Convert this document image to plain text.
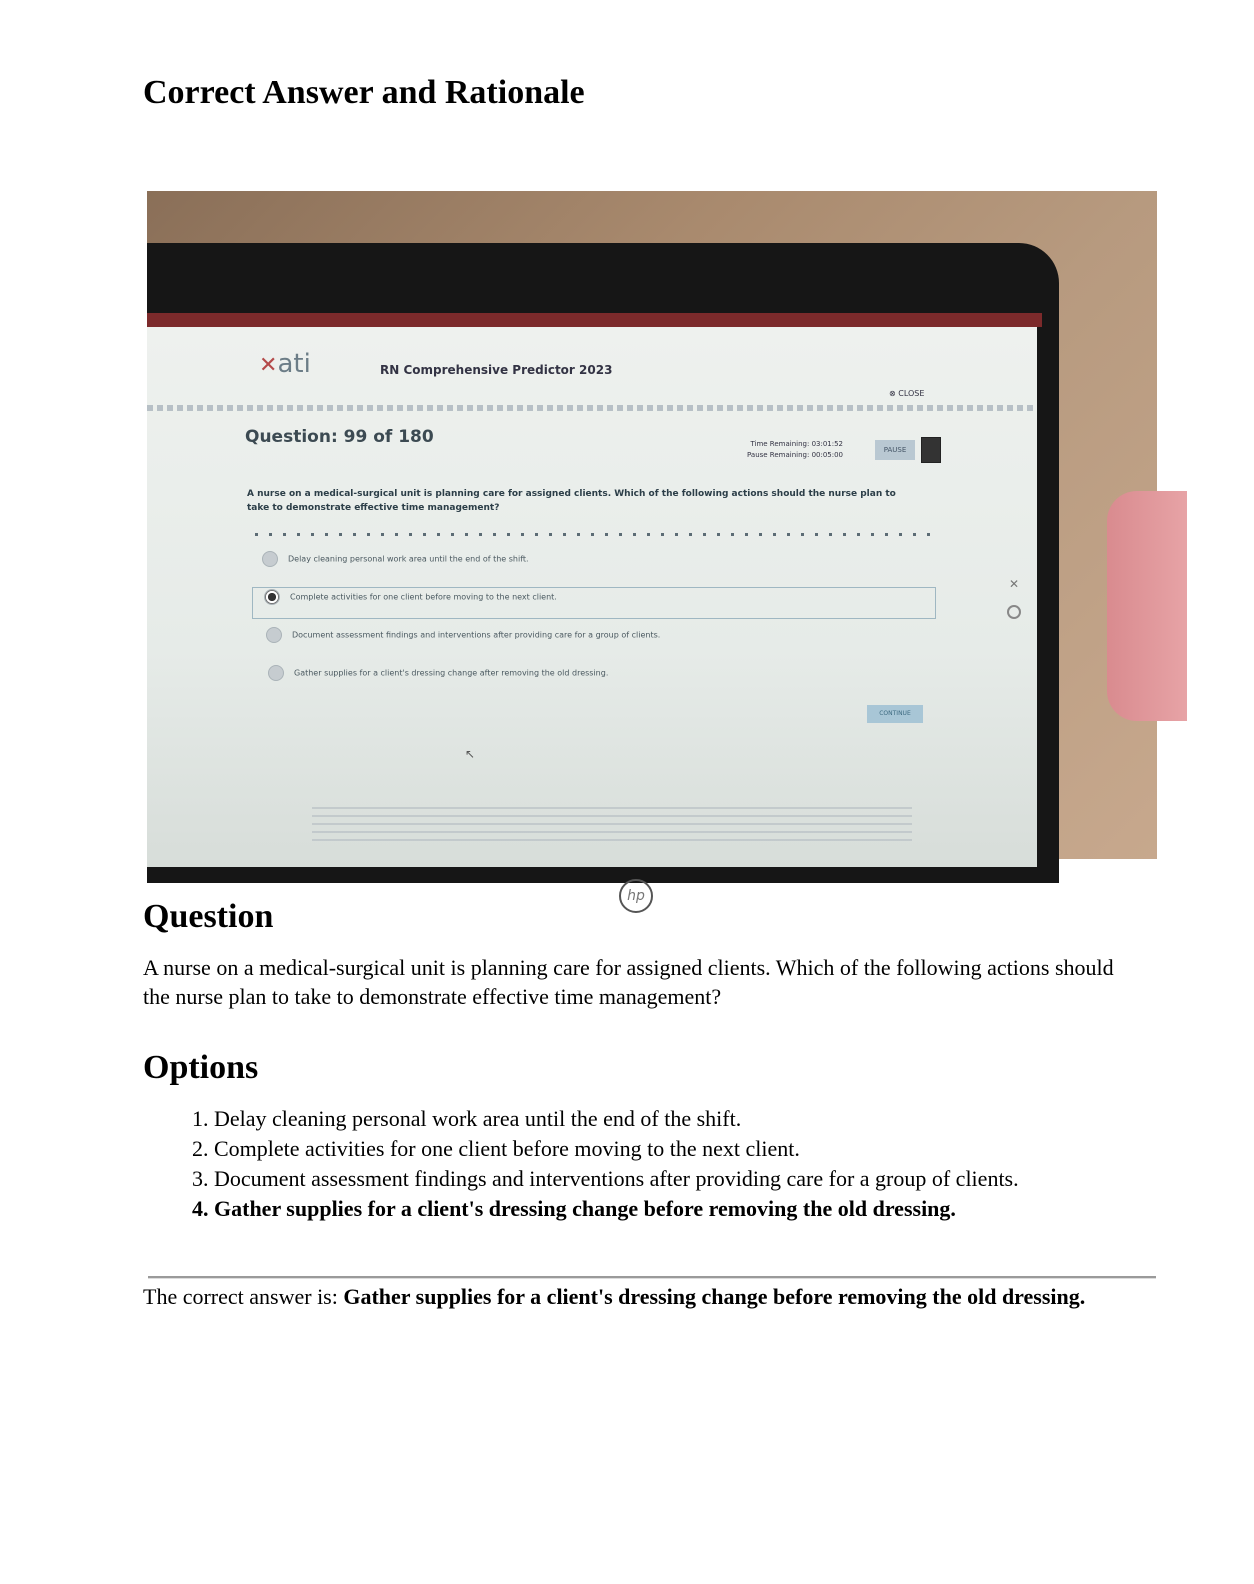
Correct Answer and Rationale
✕ati	RN Comprehensive Predictor 2023
⊗ CLOSE
Question: 99 of 180	Time Remaining: 03:01:52
Pause Remaining: 00:05:00
PAUSE
A nurse on a medical-surgical unit is planning care for assigned clients. Which of the following actions should the nurse plan to take to demonstrate effective time management?
Delay cleaning personal work area until the end of the shift.
Complete activities for one client before moving to the next client.
Document assessment findings and interventions after providing care for a group of clients.
Gather supplies for a client's dressing change after removing the old dressing.
CONTINUE
↖
✕
hp
Question

A nurse on a medical-surgical unit is planning care for assigned clients. Which of the following actions should the nurse plan to take to demonstrate effective time management?

Options
1. Delay cleaning personal work area until the end of the shift.
2. Complete activities for one client before moving to the next client.
3. Document assessment findings and interventions after providing care for a group of clients.
4. Gather supplies for a client's dressing change before removing the old dressing.

The correct answer is: Gather supplies for a client's dressing change before removing the old dressing.
